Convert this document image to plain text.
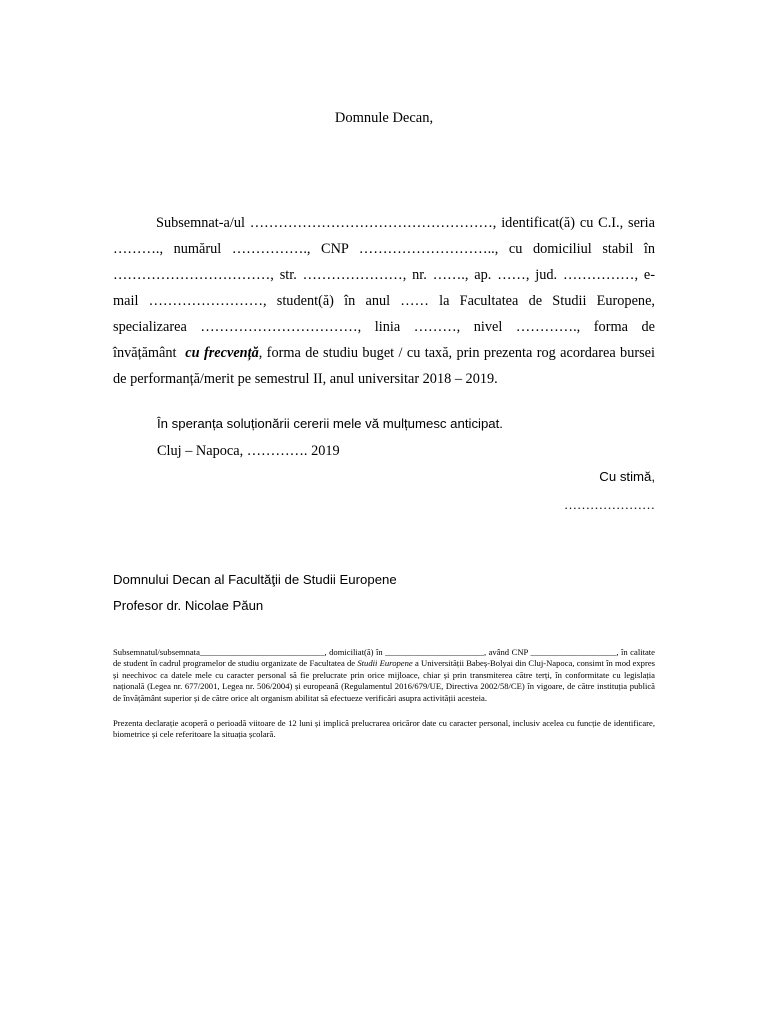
Domnule Decan,

Subsemnat-a/ul ……………………………………………, identificat(ă) cu C.I., seria ………., numărul ……………., CNP ……………………….., cu domiciliul stabil în ……………………………, str. …………………, nr. ……., ap. ……, jud. ……………, e-mail ……………………, student(ă) în anul …… la Facultatea de Studii Europene, specializarea ……………………………, linia ………, nivel …………., forma de învățământ cu frecvență, forma de studiu buget / cu taxă, prin prezenta rog acordarea bursei de performanță/merit pe semestrul II, anul universitar 2018 – 2019.

În speranța soluționării cererii mele vă mulțumesc anticipat.

Cluj – Napoca, …………. 2019

Cu stimă,

…………………

Domnului Decan al Facultăţii de Studii Europene

Profesor dr. Nicolae Păun

Subsemnatul/subsemnata_____________________________, domiciliat(ă) în _______________________, având CNP ____________________, în calitate de student în cadrul programelor de studiu organizate de Facultatea de Studii Europene a Universității Babeș-Bolyai din Cluj-Napoca, consimt în mod expres și neechivoc ca datele mele cu caracter personal să fie prelucrate prin orice mijloace, chiar și prin transmiterea către terți, în conformitate cu legislația națională (Legea nr. 677/2001, Legea nr. 506/2004) și europeană (Regulamentul 2016/679/UE, Directiva 2002/58/CE) în vigoare, de către instituția publică de învățământ superior și de către orice alt organism abilitat să efectueze verificări asupra activității acesteia.

Prezenta declarație acoperă o perioadă viitoare de 12 luni și implică prelucrarea oricăror date cu caracter personal, inclusiv acelea cu funcție de identificare, biometrice și cele referitoare la situația școlară.
